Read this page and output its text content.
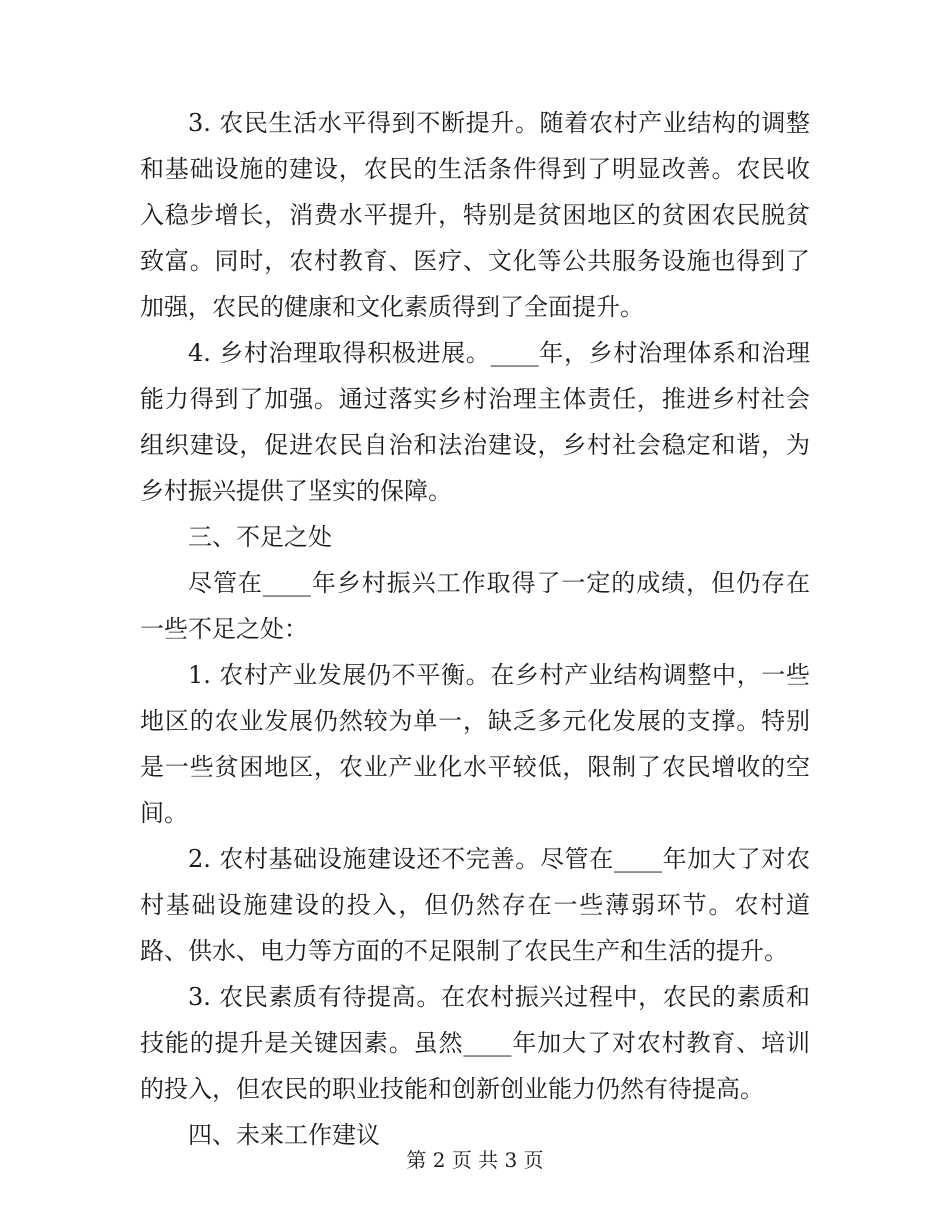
3. 农民生活水平得到不断提升。随着农村产业结构的调整和基础设施的建设，农民的生活条件得到了明显改善。农民收入稳步增长，消费水平提升，特别是贫困地区的贫困农民脱贫致富。同时，农村教育、医疗、文化等公共服务设施也得到了加强，农民的健康和文化素质得到了全面提升。

4. 乡村治理取得积极进展。____年，乡村治理体系和治理能力得到了加强。通过落实乡村治理主体责任，推进乡村社会组织建设，促进农民自治和法治建设，乡村社会稳定和谐，为乡村振兴提供了坚实的保障。

三、不足之处

尽管在____年乡村振兴工作取得了一定的成绩，但仍存在一些不足之处：

1. 农村产业发展仍不平衡。在乡村产业结构调整中，一些地区的农业发展仍然较为单一，缺乏多元化发展的支撑。特别是一些贫困地区，农业产业化水平较低，限制了农民增收的空间。

2. 农村基础设施建设还不完善。尽管在____年加大了对农村基础设施建设的投入，但仍然存在一些薄弱环节。农村道路、供水、电力等方面的不足限制了农民生产和生活的提升。

3. 农民素质有待提高。在农村振兴过程中，农民的素质和技能的提升是关键因素。虽然____年加大了对农村教育、培训的投入，但农民的职业技能和创新创业能力仍然有待提高。

四、未来工作建议

第 2 页 共 3 页
